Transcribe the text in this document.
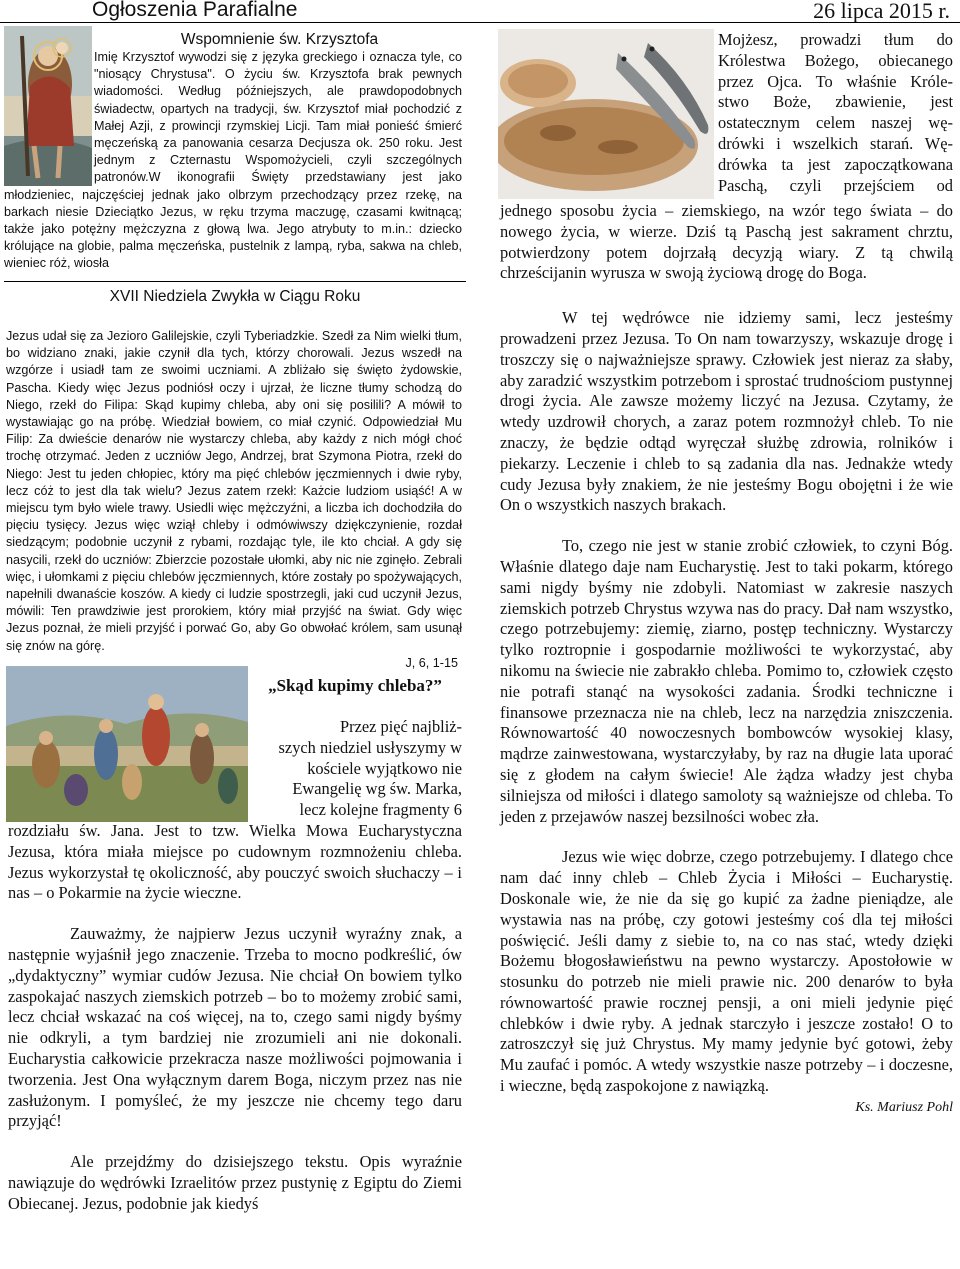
Ogłoszenia Parafialne	26 lipca 2015 r.
Wspomnienie św. Krzysztofa
Imię Krzysztof wywodzi się z języka greckiego i oznacza tyle, co "niosący Chrystusa". O życiu św. Krzysztofa brak pewnych wiadomości. Według późniejszych, ale prawdopodobnych świadectw, opartych na tradycji, św. Krzysztof miał pochodzić z Małej Azji, z prowincji rzymskiej Licji. Tam miał ponieść śmierć męczeńską za panowania cesarza Decjusza ok. 250 roku. Jest jednym z Czternastu Wspomożycieli, czyli szczególnych patronów.W ikonografii Święty przedstawiany jest jako młodzieniec, najczęściej jednak jako olbrzym przechodzący przez rzekę, na barkach niesie Dzieciątko Jezus, w ręku trzyma maczugę, czasami kwitnącą; także jako potężny mężczyzna z głową lwa. Jego atrybuty to m.in.: dziecko królujące na globie, palma męczeńska, pustelnik z lampą, ryba, sakwa na chleb, wieniec róż, wiosła
XVII Niedziela Zwykła w Ciągu Roku
Jezus udał się za Jezioro Galilejskie, czyli Tyberiadzkie. Szedł za Nim wielki tłum, bo widziano znaki, jakie czynił dla tych, którzy chorowali. Jezus wszedł na wzgórze i usiadł tam ze swoimi uczniami. A zbliżało się święto żydowskie, Pascha. Kiedy więc Jezus podniósł oczy i ujrzał, że liczne tłumy schodzą do Niego, rzekł do Filipa: Skąd kupimy chleba, aby oni się posilili? A mówił to wystawiając go na próbę. Wiedział bowiem, co miał czynić. Odpowiedział Mu Filip: Za dwieście denarów nie wystarczy chleba, aby każdy z nich mógł choć trochę otrzymać. Jeden z uczniów Jego, Andrzej, brat Szymona Piotra, rzekł do Niego: Jest tu jeden chłopiec, który ma pięć chlebów jęczmiennych i dwie ryby, lecz cóż to jest dla tak wielu? Jezus zatem rzekł: Każcie ludziom usiąść! A w miejscu tym było wiele trawy. Usiedli więc mężczyźni, a liczba ich dochodziła do pięciu tysięcy. Jezus więc wziął chleby i odmówiwszy dziękczynienie, rozdał siedzącym; podobnie uczynił z rybami, rozdając tyle, ile kto chciał. A gdy się nasycili, rzekł do uczniów: Zbierzcie pozostałe ułomki, aby nic nie zginęło. Zebrali więc, i ułomkami z pięciu chlebów jęczmiennych, które zostały po spożywających, napełnili dwanaście koszów. A kiedy ci ludzie spostrzegli, jaki cud uczynił Jezus, mówili: Ten prawdziwie jest prorokiem, który miał przyjść na świat. Gdy więc Jezus poznał, że mieli przyjść i porwać Go, aby Go obwołać królem, sam usunął się znów na górę.
J, 6, 1-15
„Skąd kupimy chleba?”
Przez pięć najbliż-
szych niedziel usłyszymy w
kościele wyjątkowo nie
Ewangelię wg św. Marka,
lecz kolejne fragmenty 6
rozdziału św. Jana. Jest to tzw. Wielka Mowa Eucharystyczna Jezusa, która miała miejsce po cudownym rozmnożeniu chleba. Jezus wykorzystał tę okoliczność, aby pouczyć swoich słuchaczy – i nas – o Pokarmie na życie wieczne.
Zauważmy, że najpierw Jezus uczynił wyraźny znak, a następnie wyjaśnił jego znaczenie. Trzeba to mocno podkreślić, ów „dydaktyczny” wymiar cudów Jezusa. Nie chciał On bowiem tylko zaspokajać naszych ziemskich potrzeb – bo to możemy zrobić sami, lecz chciał wskazać na coś więcej, na to, czego sami nigdy byśmy nie odkryli, a tym bardziej nie zrozumieli ani nie dokonali. Eucharystia całkowicie przekracza nasze możliwości pojmowania i tworzenia. Jest Ona wyłącznym darem Boga, niczym przez nas nie zasłużonym. I pomyśleć, że my jeszcze nie chcemy tego daru przyjąć!
Ale przejdźmy do dzisiejszego tekstu. Opis wyraźnie nawiązuje do wędrówki Izraelitów przez pustynię z Egiptu do Ziemi Obiecanej. Jezus, podobnie jak kiedyś
Mojżesz, prowadzi tłum do
Królestwa Bożego, obiecanego
przez Ojca. To właśnie Króle-
stwo Boże, zbawienie, jest
ostatecznym celem naszej wę-
drówki i wszelkich starań. Wę-
drówka ta jest zapoczątkowana
Paschą, czyli przejściem od
jednego sposobu życia – ziemskiego, na wzór tego świata – do nowego życia, w wierze. Dziś tą Paschą jest sakrament chrztu, potwierdzony potem dojrzałą decyzją wiary. Z tą chwilą chrześcijanin wyrusza w swoją życiową drogę do Boga.
W tej wędrówce nie idziemy sami, lecz jesteśmy prowadzeni przez Jezusa. To On nam towarzyszy, wskazuje drogę i troszczy się o najważniejsze sprawy. Człowiek jest nieraz za słaby, aby zaradzić wszystkim potrzebom i sprostać trudnościom pustynnej drogi życia. Ale zawsze możemy liczyć na Jezusa. Czytamy, że wtedy uzdrowił chorych, a zaraz potem rozmnożył chleb. To nie znaczy, że będzie odtąd wyręczał służbę zdrowia, rolników i piekarzy. Leczenie i chleb to są zadania dla nas. Jednakże wtedy cudy Jezusa były znakiem, że nie jesteśmy Bogu obojętni i że wie On o wszystkich naszych brakach.
To, czego nie jest w stanie zrobić człowiek, to czyni Bóg. Właśnie dlatego daje nam Eucharystię. Jest to taki pokarm, którego sami nigdy byśmy nie zdobyli. Natomiast w zakresie naszych ziemskich potrzeb Chrystus wzywa nas do pracy. Dał nam wszystko, czego potrzebujemy: ziemię, ziarno, postęp techniczny. Wystarczy tylko roztropnie i gospodarnie możliwości te wykorzystać, aby nikomu na świecie nie zabrakło chleba. Pomimo to, człowiek często nie potrafi stanąć na wysokości zadania. Środki techniczne i finansowe przeznacza nie na chleb, lecz na narzędzia zniszczenia. Równowartość 40 nowoczesnych bombowców wysokiej klasy, mądrze zainwestowana, wystarczyłaby, by raz na długie lata uporać się z głodem na całym świecie! Ale żądza władzy jest chyba silniejsza od miłości i dlatego samoloty są ważniejsze od chleba. To jeden z przejawów naszej bezsilności wobec zła.
Jezus wie więc dobrze, czego potrzebujemy. I dlatego chce nam dać inny chleb – Chleb Życia i Miłości – Eucharystię. Doskonale wie, że nie da się go kupić za żadne pieniądze, ale wystawia nas na próbę, czy gotowi jesteśmy coś dla tej miłości poświęcić. Jeśli damy z siebie to, na co nas stać, wtedy dzięki Bożemu błogosławieństwu na pewno wystarczy. Apostołowie w stosunku do potrzeb nie mieli prawie nic. 200 denarów to była równowartość prawie rocznej pensji, a oni mieli jedynie pięć chlebków i dwie ryby. A jednak starczyło i jeszcze zostało! O to zatroszczył się już Chrystus. My mamy jedynie być gotowi, żeby Mu zaufać i pomóc. A wtedy wszystkie nasze potrzeby – i doczesne, i wieczne, będą zaspokojone z nawiązką.
Ks. Mariusz Pohl
